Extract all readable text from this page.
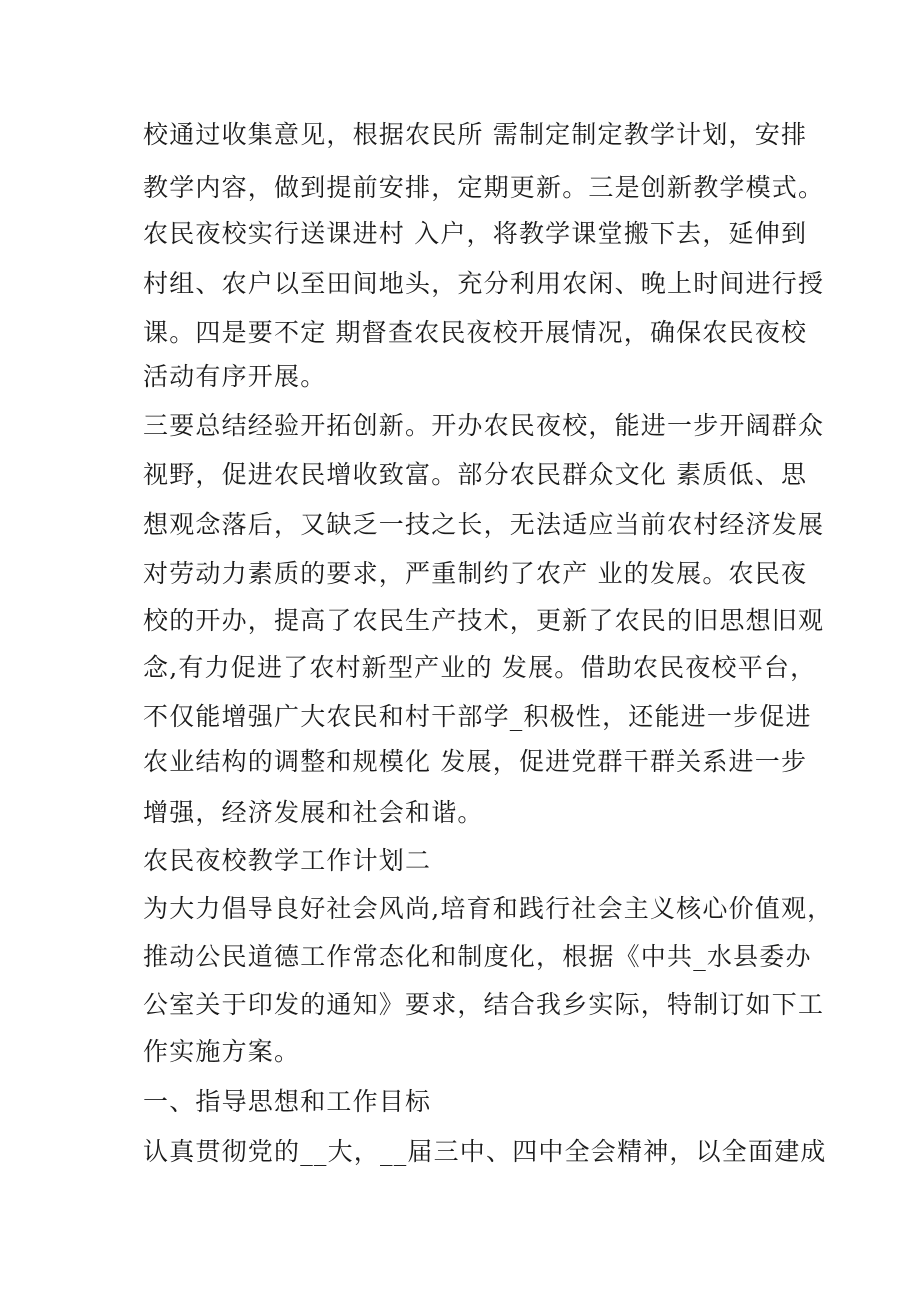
校通过收集意见，根据农民所 需制定制定教学计划，安排
教学内容，做到提前安排，定期更新。三是创新教学模式。
农民夜校实行送课进村 入户，将教学课堂搬下去，延伸到
村组、农户以至田间地头，充分利用农闲、晚上时间进行授
课。四是要不定 期督查农民夜校开展情况，确保农民夜校
活动有序开展。
三要总结经验开拓创新。开办农民夜校，能进一步开阔群众
视野，促进农民增收致富。部分农民群众文化 素质低、思
想观念落后，又缺乏一技之长，无法适应当前农村经济发展
对劳动力素质的要求，严重制约了农产 业的发展。农民夜
校的开办，提高了农民生产技术，更新了农民的旧思想旧观
念,有力促进了农村新型产业的 发展。借助农民夜校平台，
不仅能增强广大农民和村干部学_积极性，还能进一步促进
农业结构的调整和规模化 发展，促进党群干群关系进一步
增强，经济发展和社会和谐。
农民夜校教学工作计划二
为大力倡导良好社会风尚,培育和践行社会主义核心价值观，
推动公民道德工作常态化和制度化，根据《中共_水县委办
公室关于印发的通知》要求，结合我乡实际，特制订如下工
作实施方案。
一、指导思想和工作目标
认真贯彻党的__大，__届三中、四中全会精神，以全面建成
